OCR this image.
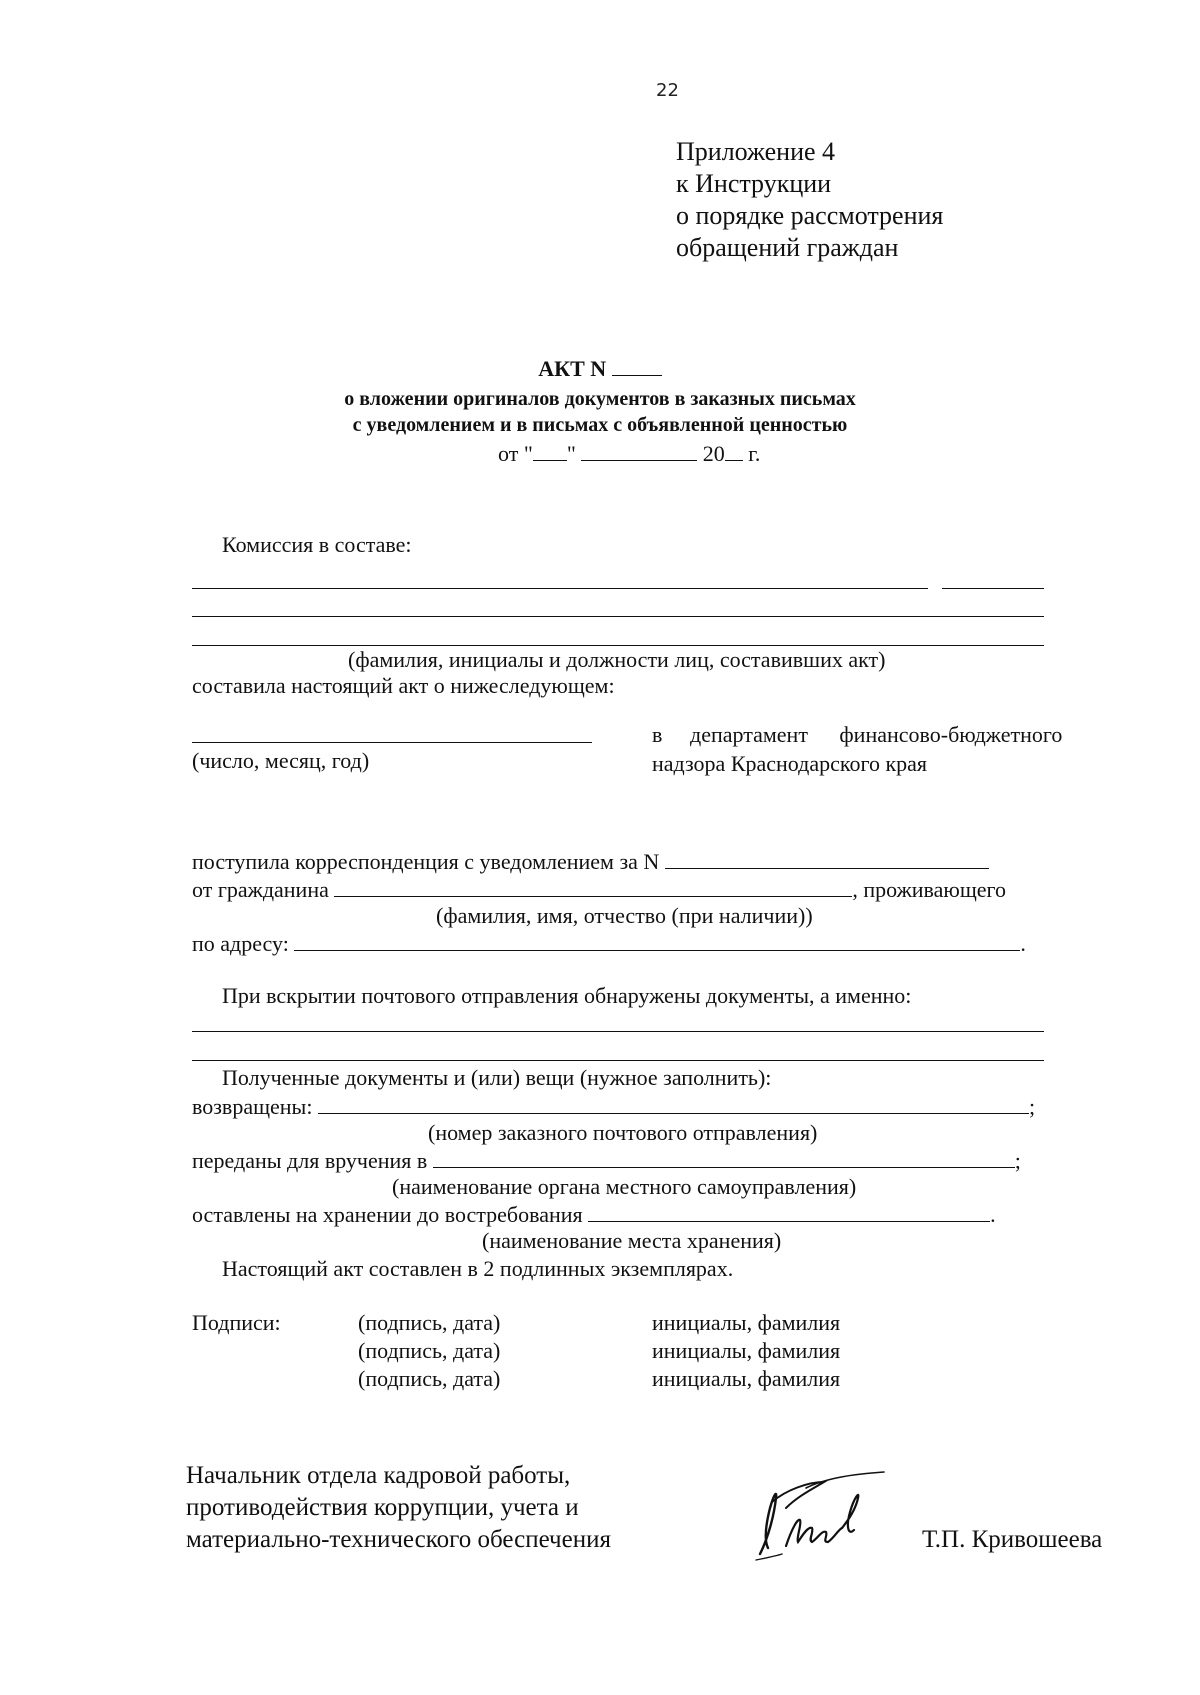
22
Приложение 4
к Инструкции
о порядке рассмотрения
обращений граждан
АКТ N
о вложении оригиналов документов в заказных письмах
с уведомлением и в письмах с объявленной ценностью
от " "	20 г.
Комиссия в составе:
(фамилия, инициалы и должности лиц, составивших акт)
составила настоящий акт о нижеследующем:
(число, месяц, год)
в департамент финансово-бюджетного
надзора Краснодарского края
поступила корреспонденция с уведомлением за N
от гражданина	, проживающего
(фамилия, имя, отчество (при наличии))
по адресу:	.
При вскрытии почтового отправления обнаружены документы, а именно:
Полученные документы и (или) вещи (нужное заполнить):
возвращены:	;
(номер заказного почтового отправления)
переданы для вручения в	;
(наименование органа местного самоуправления)
оставлены на хранении до востребования	.
(наименование места хранения)
Настоящий акт составлен в 2 подлинных экземплярах.
Подписи:	(подпись, дата)	инициалы, фамилия
(подпись, дата)	инициалы, фамилия
(подпись, дата)	инициалы, фамилия
Начальник отдела кадровой работы,
противодействия коррупции, учета и
материально-технического обеспечения	Т.П. Кривошеева
